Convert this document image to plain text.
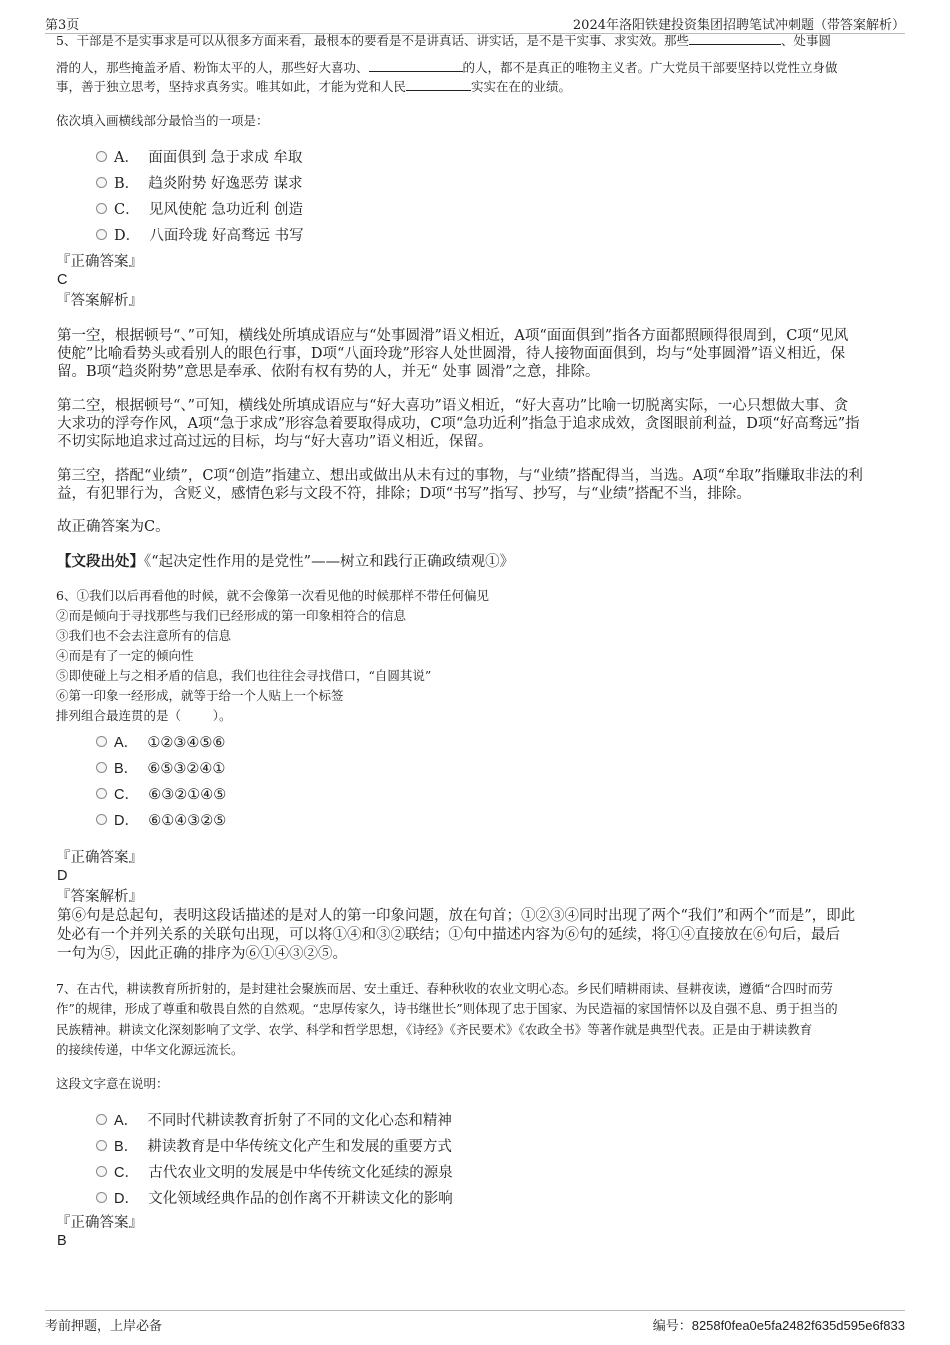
第3页	2024年洛阳铁建投资集团招聘笔试冲刺题（带答案解析）
5、干部是不是实事求是可以从很多方面来看，最根本的要看是不是讲真话、讲实话，是不是干实事、求实效。那些	、处事圆
滑的人，那些掩盖矛盾、粉饰太平的人，那些好大喜功、	的人，都不是真正的唯物主义者。广大党员干部要坚持以党性立身做
事，善于独立思考，坚持求真务实。唯其如此，才能为党和人民	实实在在的业绩。
依次填入画横线部分最恰当的一项是：
A． 面面俱到 急于求成 牟取
B． 趋炎附势 好逸恶劳 谋求
C． 见风使舵 急功近利 创造
D． 八面玲珑 好高骛远 书写
『正确答案』
C
『答案解析』
第一空，根据顿号“、”可知，横线处所填成语应与“处事圆滑”语义相近，A项“面面俱到”指各方面都照顾得很周到，C项“见风
使舵”比喻看势头或看别人的眼色行事，D项“八面玲珑”形容人处世圆滑，待人接物面面俱到，均与“处事圆滑”语义相近，保
留。B项“趋炎附势”意思是奉承、依附有权有势的人，并无“ 处事 圆滑”之意，排除。
第二空，根据顿号“、”可知，横线处所填成语应与“好大喜功”语义相近，“好大喜功”比喻一切脱离实际，一心只想做大事、贪
大求功的浮夸作风，A项“急于求成”形容急着要取得成功，C项“急功近利”指急于追求成效，贪图眼前利益，D项“好高骛远”指
不切实际地追求过高过远的目标，均与“好大喜功”语义相近，保留。
第三空，搭配“业绩”，C项“创造”指建立、想出或做出从未有过的事物，与“业绩”搭配得当，当选。A项“牟取”指赚取非法的利
益，有犯罪行为，含贬义，感情色彩与文段不符，排除；D项“书写”指写、抄写，与“业绩”搭配不当，排除。
故正确答案为C。
【文段出处】《“起决定性作用的是党性”——树立和践行正确政绩观①》
6、①我们以后再看他的时候，就不会像第一次看见他的时候那样不带任何偏见
②而是倾向于寻找那些与我们已经形成的第一印象相符合的信息
③我们也不会去注意所有的信息
④而是有了一定的倾向性
⑤即使碰上与之相矛盾的信息，我们也往往会寻找借口，“自圆其说”
⑥第一印象一经形成，就等于给一个人贴上一个标签
排列组合最连贯的是（        ）。
A． ①②③④⑤⑥
B． ⑥⑤③②④①
C． ⑥③②①④⑤
D． ⑥①④③②⑤
『正确答案』
D
『答案解析』
第⑥句是总起句，表明这段话描述的是对人的第一印象问题，放在句首；①②③④同时出现了两个“我们”和两个“而是”，即此
处必有一个并列关系的关联句出现，可以将①④和③②联结；①句中描述内容为⑥句的延续，将①④直接放在⑥句后，最后
一句为⑤，因此正确的排序为⑥①④③②⑤。
7、在古代，耕读教育所折射的，是封建社会聚族而居、安土重迁、春种秋收的农业文明心态。乡民们晴耕雨读、昼耕夜读，遵循“合四时而劳
作”的规律，形成了尊重和敬畏自然的自然观。“忠厚传家久，诗书继世长”则体现了忠于国家、为民造福的家国情怀以及自强不息、勇于担当的
民族精神。耕读文化深刻影响了文学、农学、科学和哲学思想，《诗经》《齐民要术》《农政全书》等著作就是典型代表。正是由于耕读教育
的接续传递，中华文化源远流长。
这段文字意在说明：
A． 不同时代耕读教育折射了不同的文化心态和精神
B． 耕读教育是中华传统文化产生和发展的重要方式
C． 古代农业文明的发展是中华传统文化延续的源泉
D． 文化领域经典作品的创作离不开耕读文化的影响
『正确答案』
B
考前押题，上岸必备	编号：8258f0fea0e5fa2482f635d595e6f833
